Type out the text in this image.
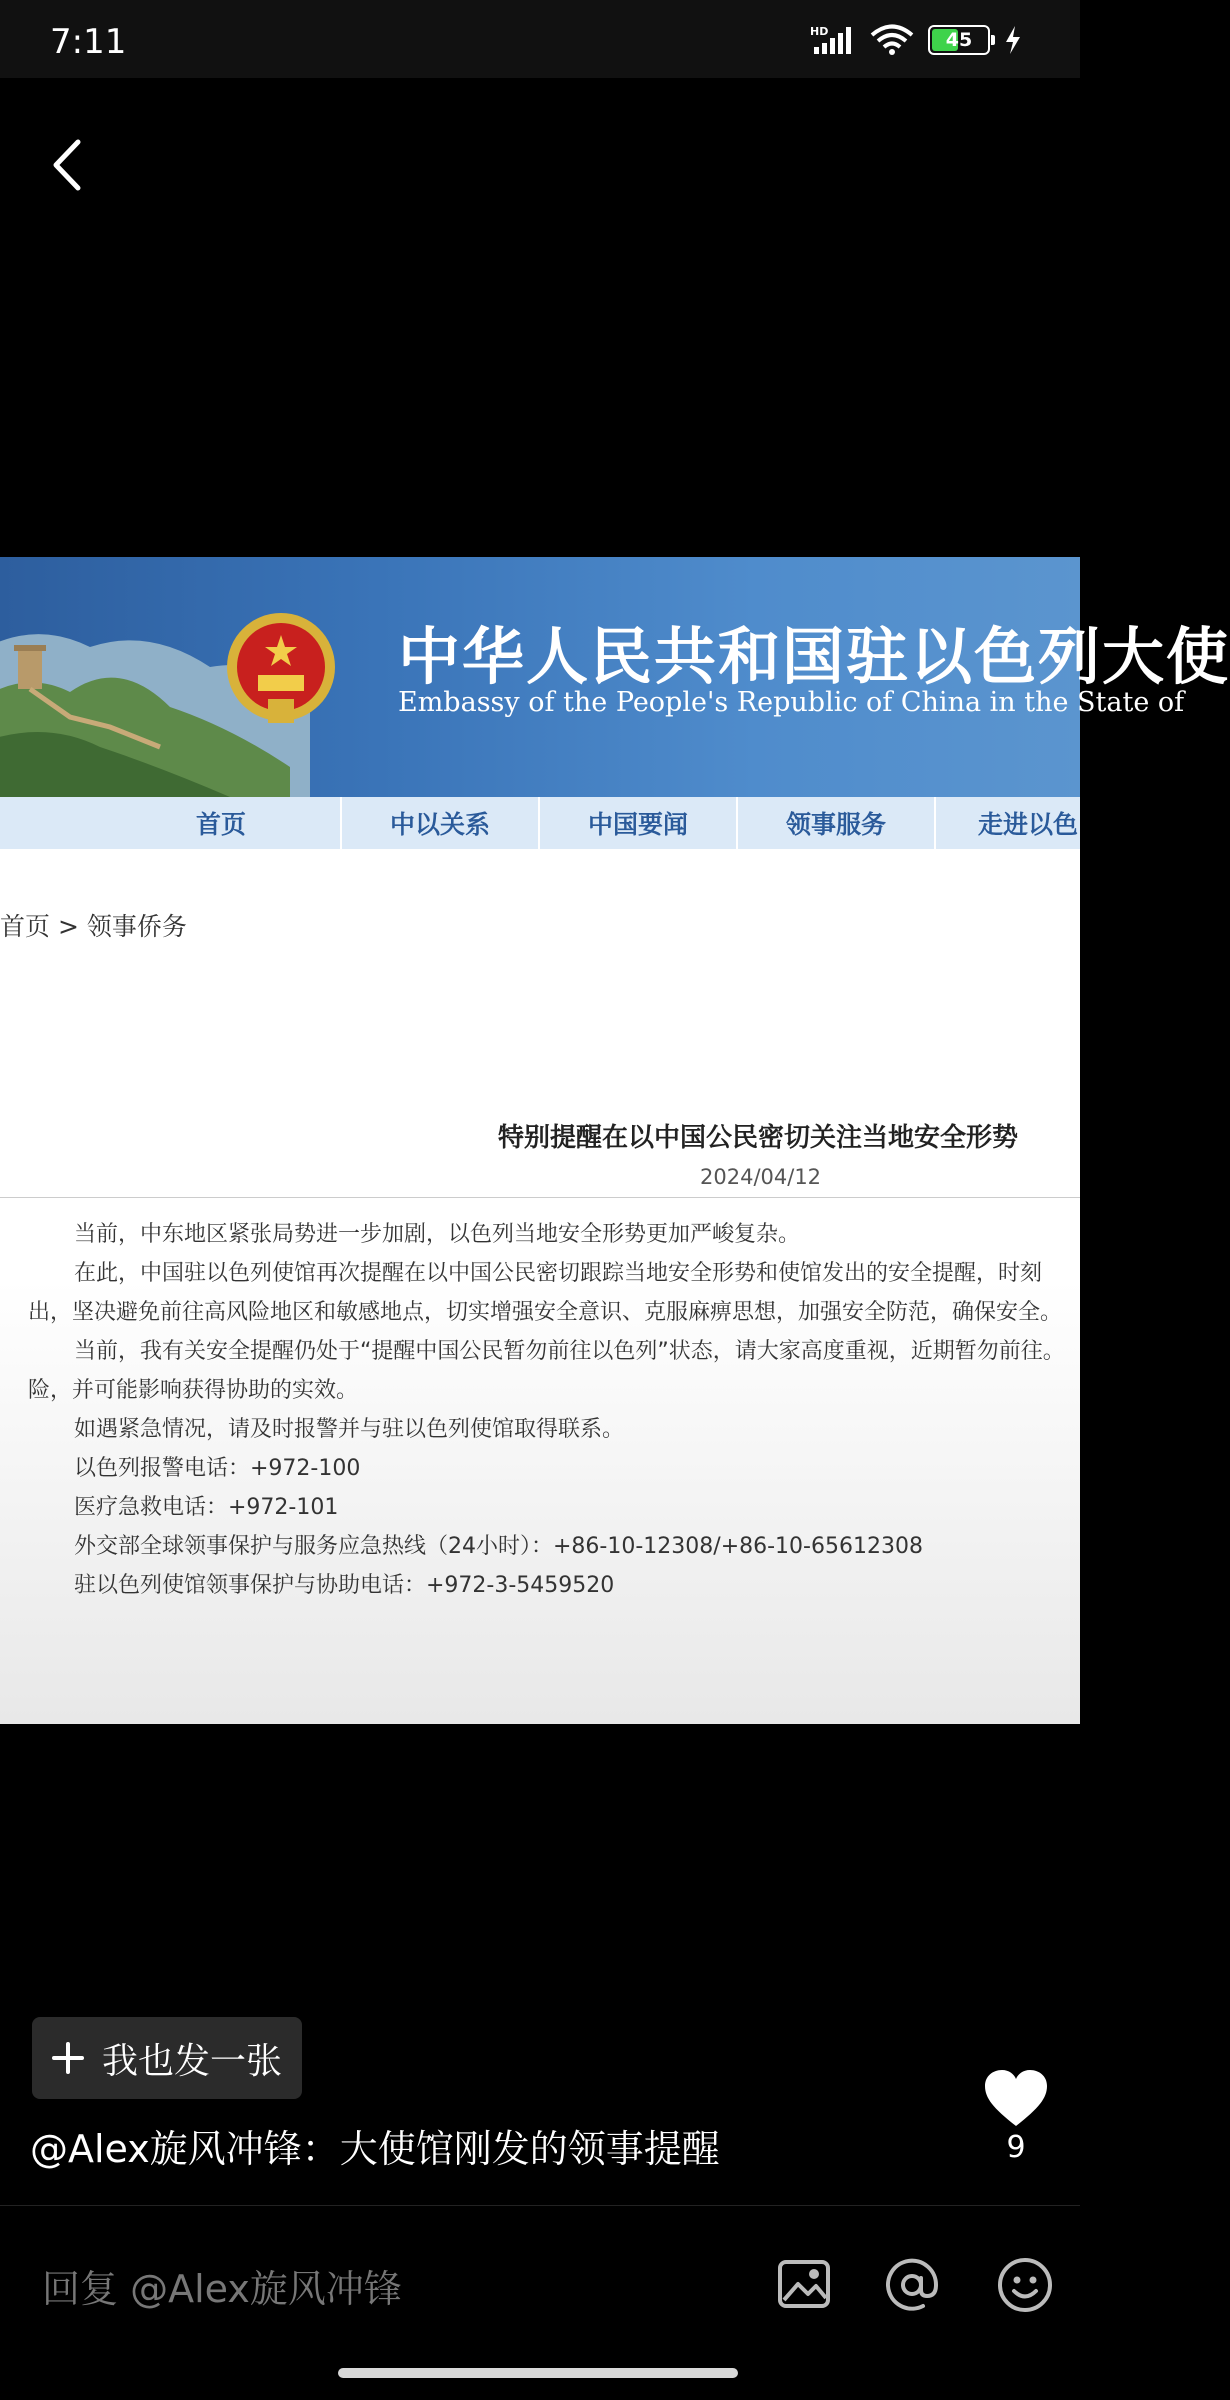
7:11	HD	45
中华人民共和国驻以色列大使
Embassy of the People's Republic of China in the State of
首页	中以关系	中国要闻	领事服务	走进以色
首页 > 领事侨务
特别提醒在以中国公民密切关注当地安全形势
2024/04/12
当前，中东地区紧张局势进一步加剧，以色列当地安全形势更加严峻复杂。
在此，中国驻以色列使馆再次提醒在以中国公民密切跟踪当地安全形势和使馆发出的安全提醒，时刻
出，坚决避免前往高风险地区和敏感地点，切实增强安全意识、克服麻痹思想，加强安全防范，确保安全。
当前，我有关安全提醒仍处于“提醒中国公民暂勿前往以色列”状态，请大家高度重视，近期暂勿前往。
险，并可能影响获得协助的实效。
如遇紧急情况，请及时报警并与驻以色列使馆取得联系。
以色列报警电话：+972-100
医疗急救电话：+972-101
外交部全球领事保护与服务应急热线（24小时）：+86-10-12308/+86-10-65612308
驻以色列使馆领事保护与协助电话：+972-3-5459520
我也发一张
@Alex旋风冲锋：大使馆刚发的领事提醒	9
回复 @Alex旋风冲锋
